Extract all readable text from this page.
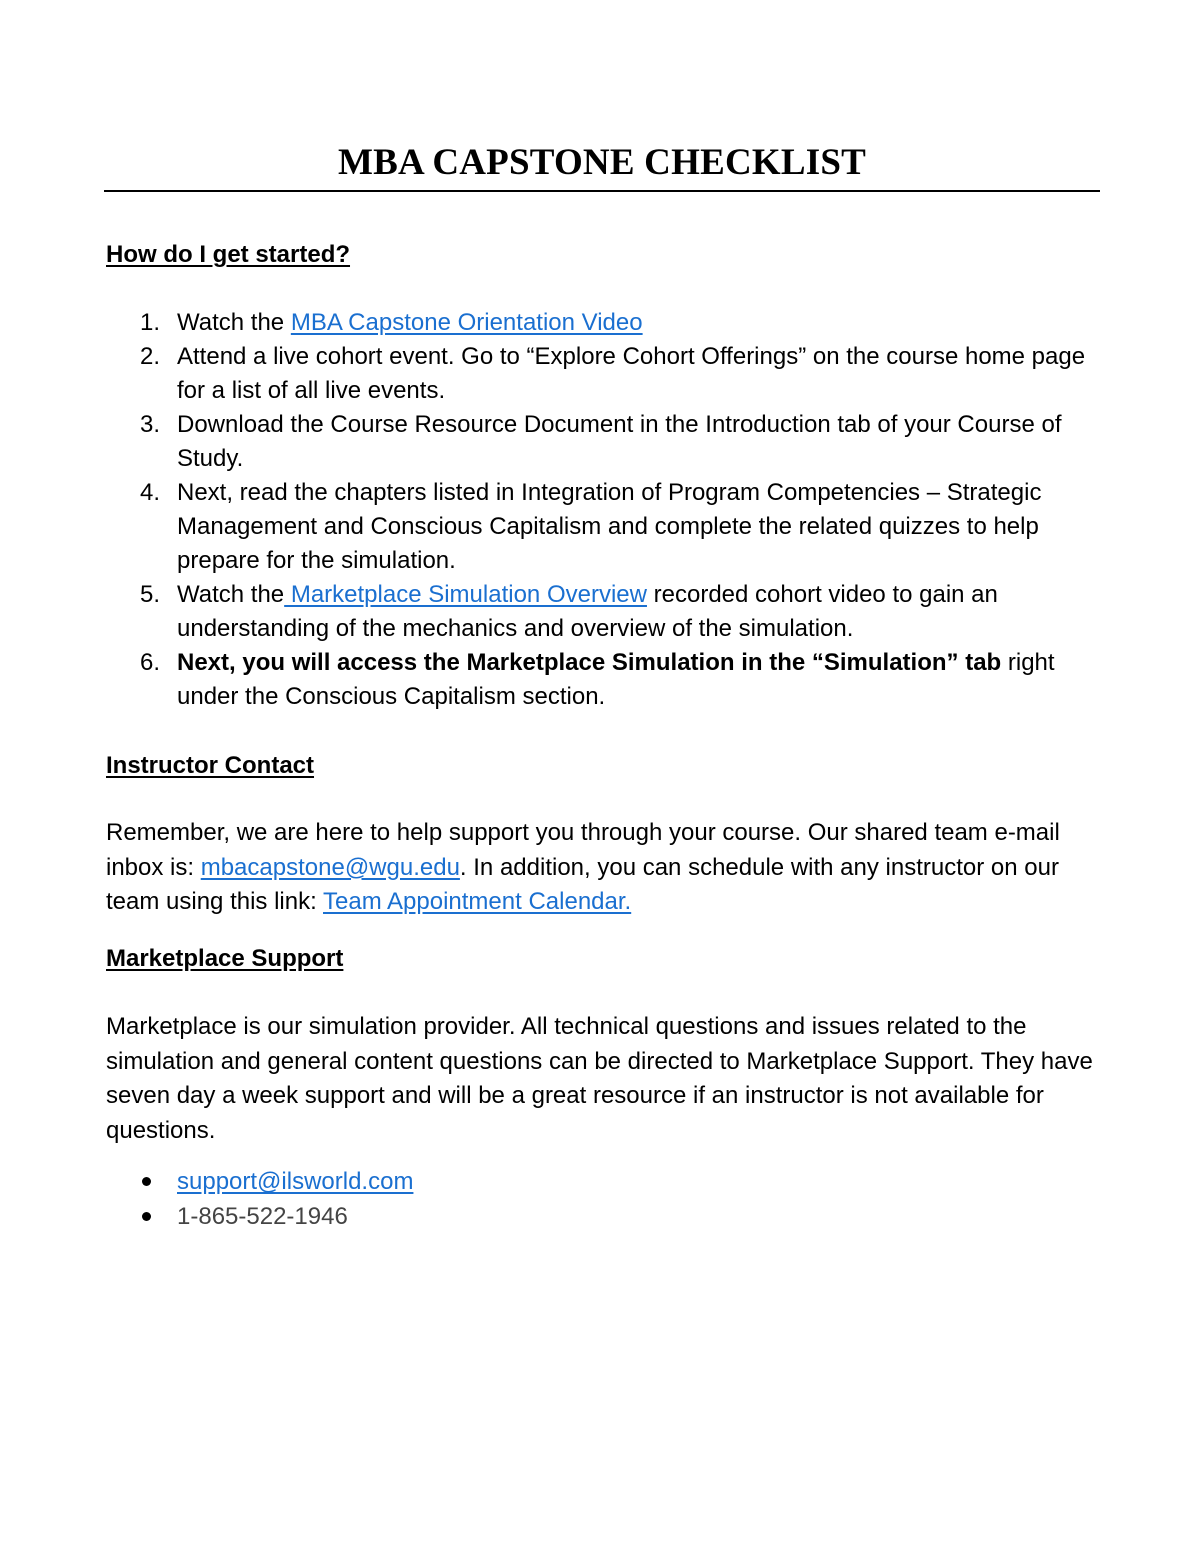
MBA CAPSTONE CHECKLIST
How do I get started?
1. Watch the MBA Capstone Orientation Video
2. Attend a live cohort event. Go to “Explore Cohort Offerings” on the course home page for a list of all live events.
3. Download the Course Resource Document in the Introduction tab of your Course of Study.
4. Next, read the chapters listed in Integration of Program Competencies – Strategic Management and Conscious Capitalism and complete the related quizzes to help prepare for the simulation.
5. Watch the Marketplace Simulation Overview recorded cohort video to gain an understanding of the mechanics and overview of the simulation.
6. Next, you will access the Marketplace Simulation in the “Simulation” tab right under the Conscious Capitalism section.
Instructor Contact

Remember, we are here to help support you through your course. Our shared team e-mail inbox is: mbacapstone@wgu.edu. In addition, you can schedule with any instructor on our team using this link: Team Appointment Calendar.

Marketplace Support

Marketplace is our simulation provider. All technical questions and issues related to the simulation and general content questions can be directed to Marketplace Support. They have seven day a week support and will be a great resource if an instructor is not available for questions.

support@ilsworld.com
1-865-522-1946
